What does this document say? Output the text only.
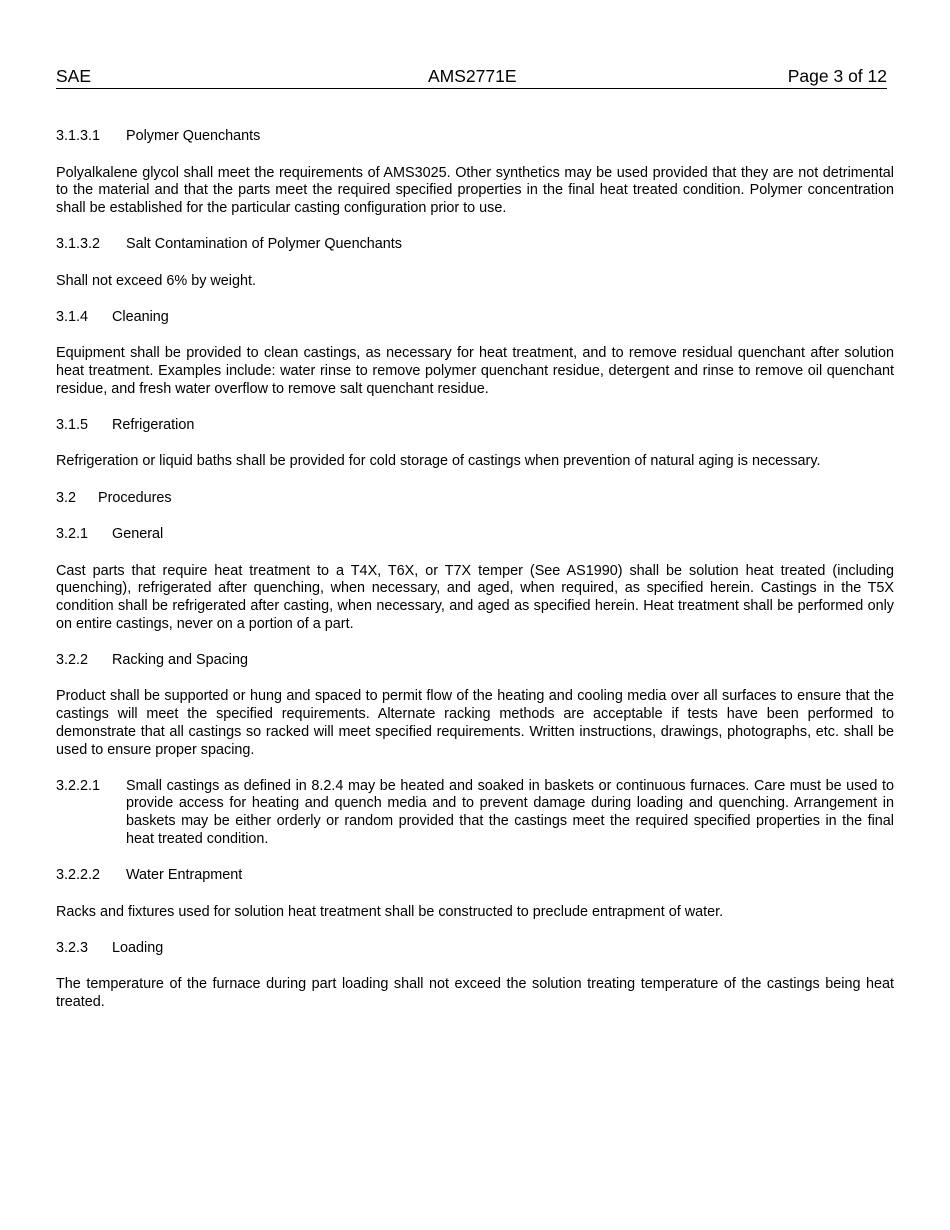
SAE	AMS2771E	Page 3 of 12
3.1.3.1 Polymer Quenchants

Polyalkalene glycol shall meet the requirements of AMS3025. Other synthetics may be used provided that they are not detrimental to the material and that the parts meet the required specified properties in the final heat treated condition. Polymer concentration shall be established for the particular casting configuration prior to use.

3.1.3.2 Salt Contamination of Polymer Quenchants

Shall not exceed 6% by weight.

3.1.4 Cleaning

Equipment shall be provided to clean castings, as necessary for heat treatment, and to remove residual quenchant after solution heat treatment. Examples include: water rinse to remove polymer quenchant residue, detergent and rinse to remove oil quenchant residue, and fresh water overflow to remove salt quenchant residue.

3.1.5 Refrigeration

Refrigeration or liquid baths shall be provided for cold storage of castings when prevention of natural aging is necessary.

3.2 Procedures
3.2.1 General

Cast parts that require heat treatment to a T4X, T6X, or T7X temper (See AS1990) shall be solution heat treated (including quenching), refrigerated after quenching, when necessary, and aged, when required, as specified herein. Castings in the T5X condition shall be refrigerated after casting, when necessary, and aged as specified herein. Heat treatment shall be performed only on entire castings, never on a portion of a part.

3.2.2 Racking and Spacing

Product shall be supported or hung and spaced to permit flow of the heating and cooling media over all surfaces to ensure that the castings will meet the specified requirements. Alternate racking methods are acceptable if tests have been performed to demonstrate that all castings so racked will meet specified requirements. Written instructions, drawings, photographs, etc. shall be used to ensure proper spacing.

3.2.2.1	Small castings as defined in 8.2.4 may be heated and soaked in baskets or continuous furnaces. Care must be used to provide access for heating and quench media and to prevent damage during loading and quenching. Arrangement in baskets may be either orderly or random provided that the castings meet the required specified properties in the final heat treated condition.
3.2.2.2 Water Entrapment

Racks and fixtures used for solution heat treatment shall be constructed to preclude entrapment of water.

3.2.3 Loading

The temperature of the furnace during part loading shall not exceed the solution treating temperature of the castings being heat treated.
